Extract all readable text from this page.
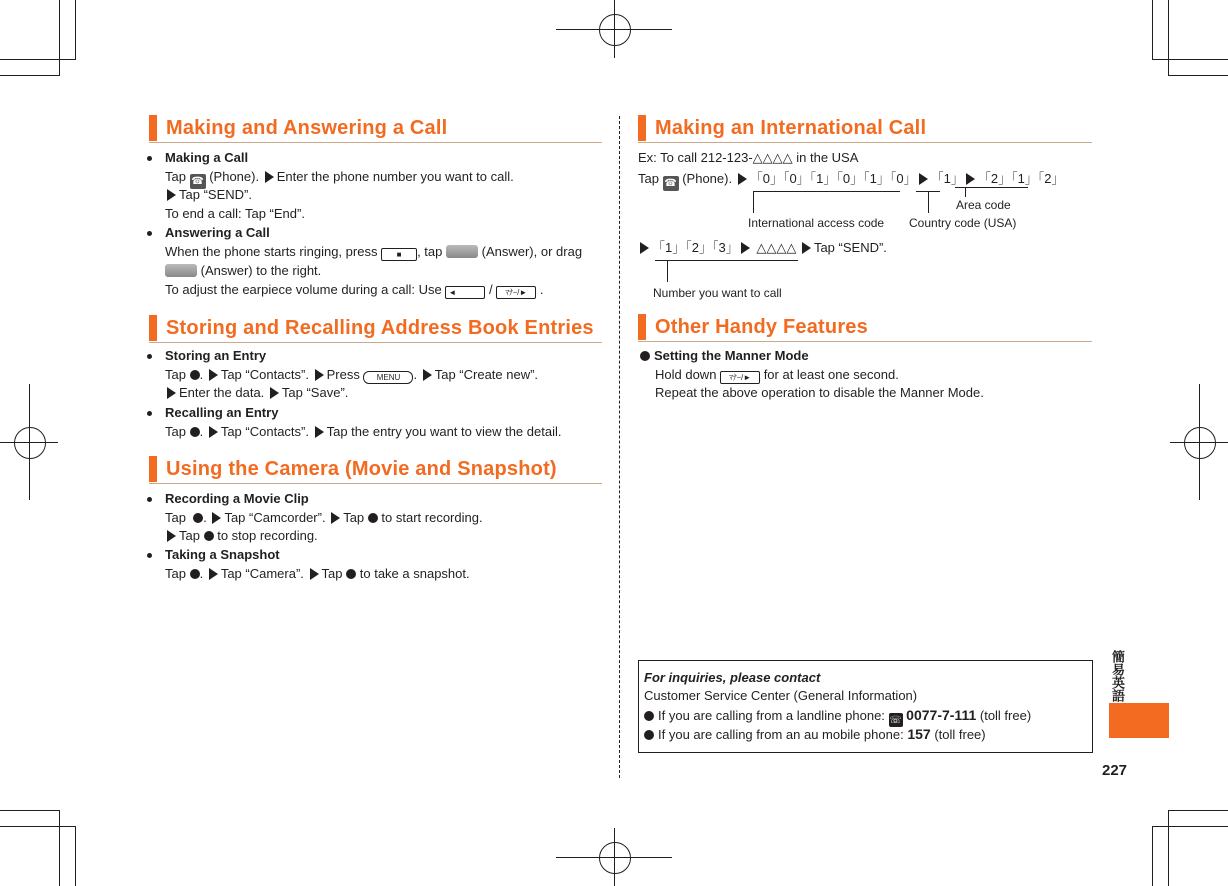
Making and Answering a Call
Making a Call
Tap ☎ (Phone). Enter the phone number you want to call.
Tap “SEND”.
To end a call: Tap “End”.
Answering a Call
When the phone starts ringing, press ■ , tap	(Answer), or drag
(Answer) to the right.
To adjust the earpiece volume during a call: Use ◄	/ ﾏﾅｰ/► .
Storing and Recalling Address Book Entries
Storing an Entry
Tap . Tap “Contacts”. Press MENU . Tap “Create new”.
Enter the data. Tap “Save”.
Recalling an Entry
Tap . Tap “Contacts”. Tap the entry you want to view the detail.
Using the Camera (Movie and Snapshot)
Recording a Movie Clip
Tap . Tap “Camcorder”. Tap to start recording.
Tap to stop recording.
Taking a Snapshot
Tap . Tap “Camera”. Tap to take a snapshot.
Making an International Call
Ex: To call 212-123-△△△△ in the USA
Tap ☎ (Phone). 「0」「0」「1」「0」「1」「0」 「1」 「2」「1」「2」
Area code
International access code Country code (USA)
「1」「2」「3」 △△△△ Tap “SEND”.
Number you want to call
Other Handy Features
Setting the Manner Mode
Hold down ﾏﾅｰ/► for at least one second.
Repeat the above operation to disable the Manner Mode.
For inquiries, please contact
Customer Service Center (General Information)
If you are calling from a landline phone: ☏ 0077-7-111 (toll free)
If you are calling from an au mobile phone: 157 (toll free)
簡易英語
227
